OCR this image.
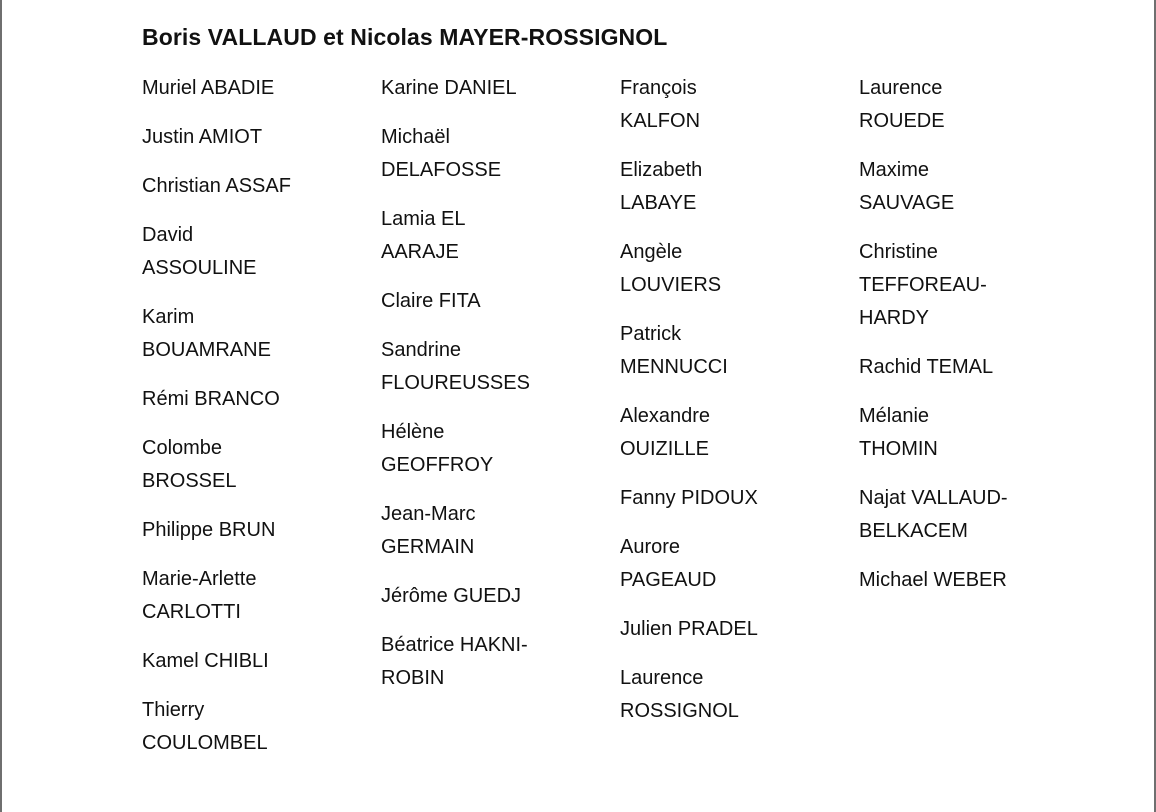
Boris VALLAUD et Nicolas MAYER-ROSSIGNOL
Muriel ABADIE
Justin AMIOT
Christian ASSAF
David
ASSOULINE
Karim
BOUAMRANE
Rémi BRANCO
Colombe
BROSSEL
Philippe BRUN
Marie-Arlette
CARLOTTI
Kamel CHIBLI
Thierry
COULOMBEL
Karine DANIEL
Michaël
DELAFOSSE
Lamia EL
AARAJE
Claire FITA
Sandrine
FLOUREUSSES
Hélène
GEOFFROY
Jean-Marc
GERMAIN
Jérôme GUEDJ
Béatrice HAKNI-
ROBIN
François
KALFON
Elizabeth
LABAYE
Angèle
LOUVIERS
Patrick
MENNUCCI
Alexandre
OUIZILLE
Fanny PIDOUX
Aurore
PAGEAUD
Julien PRADEL
Laurence
ROSSIGNOL
Laurence
ROUEDE
Maxime
SAUVAGE
Christine
TEFFOREAU-
HARDY
Rachid TEMAL
Mélanie
THOMIN
Najat VALLAUD-
BELKACEM
Michael WEBER
